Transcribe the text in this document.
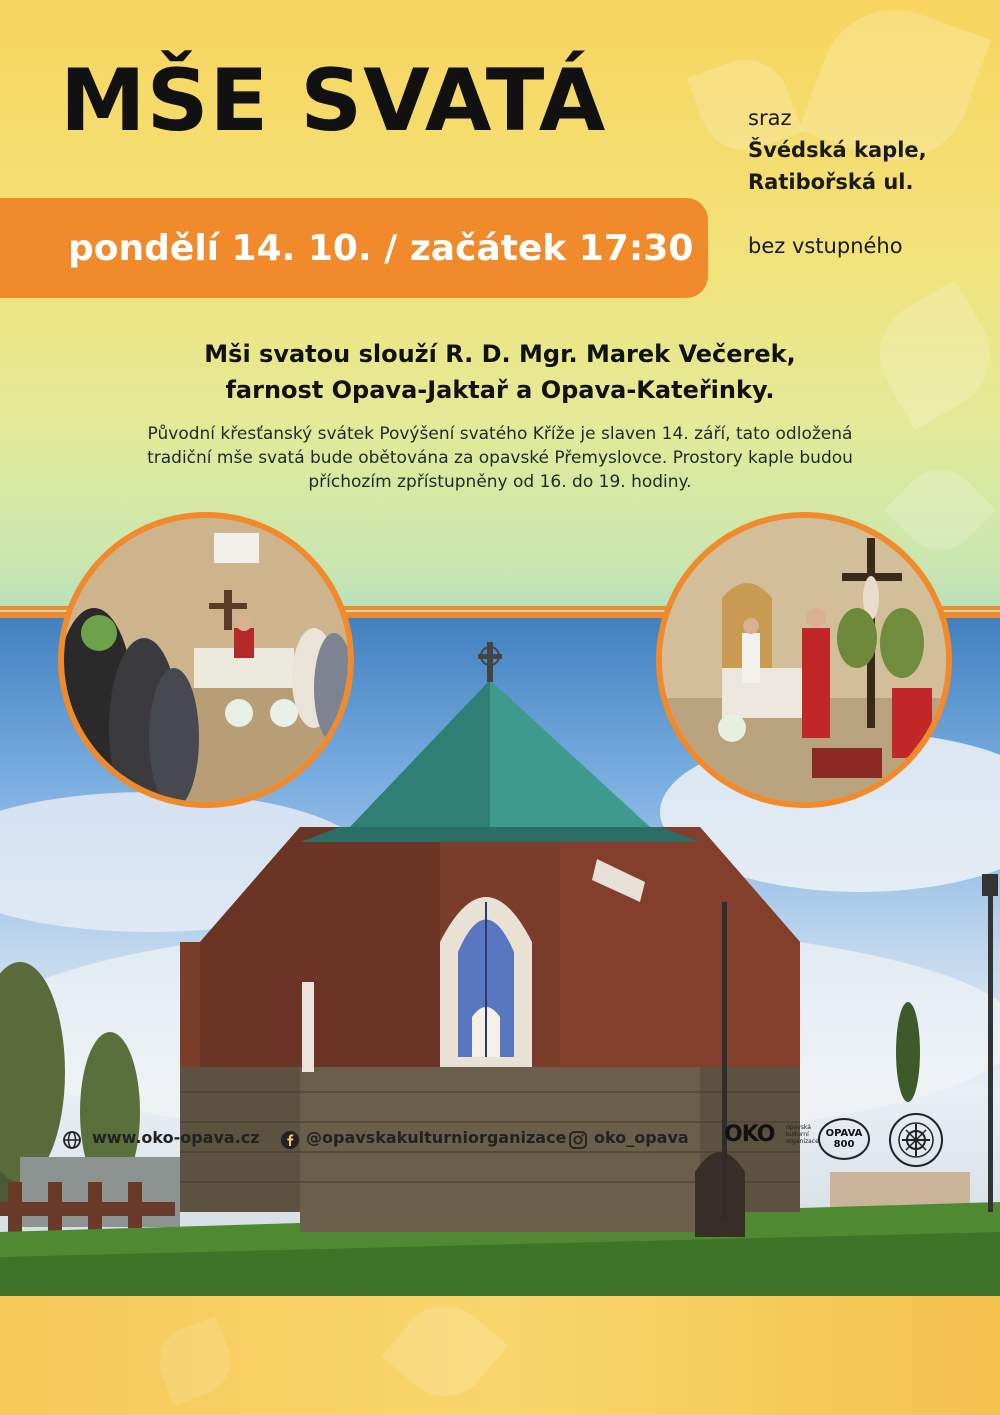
MŠE SVATÁ
pondělí 14. 10. / začátek 17:30
sraz
Švédská kaple,
Ratibořská ul.
bez vstupného
Mši svatou slouží R. D. Mgr. Marek Večerek,
farnost Opava-Jaktař a Opava-Kateřinky.
Původní křesťanský svátek Povýšení svatého Kříže je slaven 14. září, tato odložená
tradiční mše svatá bude obětována za opavské Přemyslovce. Prostory kaple budou
příchozím zpřístupněny od 16. do 19. hodiny.
www.oko-opava.cz	@opavskakulturniorganizace oko_opava OKO opavská kulturní organizace
OPAVA
800
